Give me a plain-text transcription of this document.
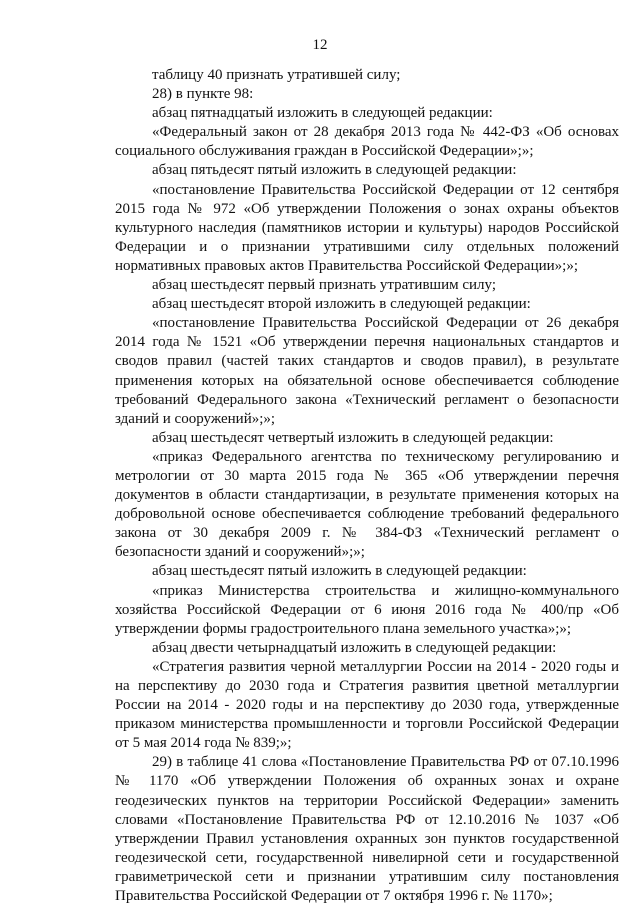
12

таблицу 40 признать утратившей силу;

28) в пункте 98:

абзац пятнадцатый изложить в следующей редакции:

«Федеральный закон от 28 декабря 2013 года № 442-ФЗ «Об основах социального обслуживания граждан в Российской Федерации»;»;

абзац пятьдесят пятый изложить в следующей редакции:

«постановление Правительства Российской Федерации от 12 сентября 2015 года № 972 «Об утверждении Положения о зонах охраны объектов культурного наследия (памятников истории и культуры) народов Российской Федерации и о признании утратившими силу отдельных положений нормативных правовых актов Правительства Российской Федерации»;»;

абзац шестьдесят первый признать утратившим силу;

абзац шестьдесят второй изложить в следующей редакции:

«постановление Правительства Российской Федерации от 26 декабря 2014 года № 1521 «Об утверждении перечня национальных стандартов и сводов правил (частей таких стандартов и сводов правил), в результате применения которых на обязательной основе обеспечивается соблюдение требований Федерального закона «Технический регламент о безопасности зданий и сооружений»;»;

абзац шестьдесят четвертый изложить в следующей редакции:

«приказ Федерального агентства по техническому регулированию и метрологии от 30 марта 2015 года № 365 «Об утверждении перечня документов в области стандартизации, в результате применения которых на добровольной основе обеспечивается соблюдение требований федерального закона от 30 декабря 2009 г. № 384-ФЗ «Технический регламент о безопасности зданий и сооружений»;»;

абзац шестьдесят пятый изложить в следующей редакции:

«приказ Министерства строительства и жилищно-коммунального хозяйства Российской Федерации от 6 июня 2016 года № 400/пр «Об утверждении формы градостроительного плана земельного участка»;»;

абзац двести четырнадцатый изложить в следующей редакции:

«Стратегия развития черной металлургии России на 2014 - 2020 годы и на перспективу до 2030 года и Стратегия развития цветной металлургии России на 2014 - 2020 годы и на перспективу до 2030 года, утвержденные приказом министерства промышленности и торговли Российской Федерации от 5 мая 2014 года № 839;»;

29) в таблице 41 слова «Постановление Правительства РФ от 07.10.1996 № 1170 «Об утверждении Положения об охранных зонах и охране геодезических пунктов на территории Российской Федерации» заменить словами «Постановление Правительства РФ от 12.10.2016 № 1037 «Об утверждении Правил установления охранных зон пунктов государственной геодезической сети, государственной нивелирной сети и государственной гравиметрической сети и признании утратившим силу постановления Правительства Российской Федерации от 7 октября 1996 г. № 1170»;
